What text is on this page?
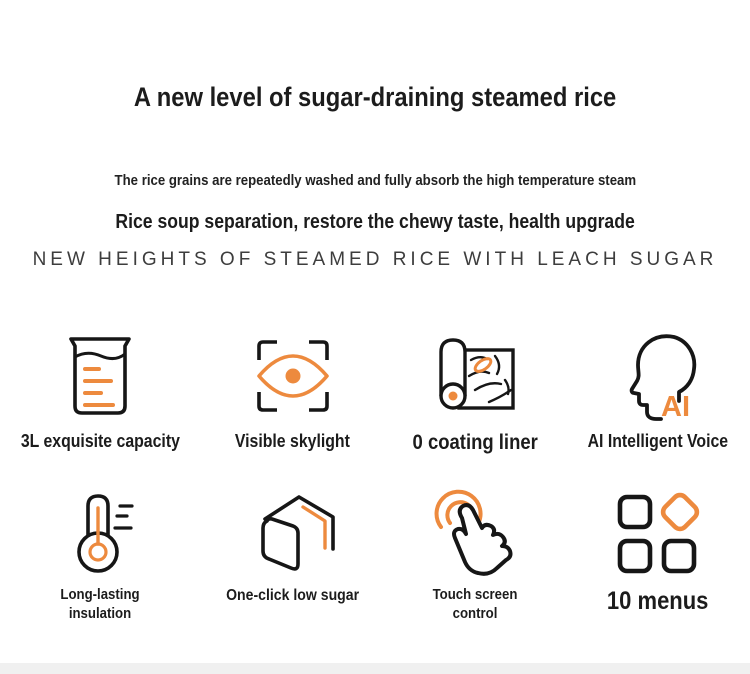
A new level of sugar-draining steamed rice
The rice grains are repeatedly washed and fully absorb the high temperature steam
Rice soup separation, restore the chewy taste, health upgrade
NEW HEIGHTS OF STEAMED RICE WITH LEACH SUGAR
3L exquisite capacity	Visible skylight	0 coating liner
AI
AI Intelligent Voice
Long-lasting insulation
One-click low sugar	Touch screen control	10 menus
